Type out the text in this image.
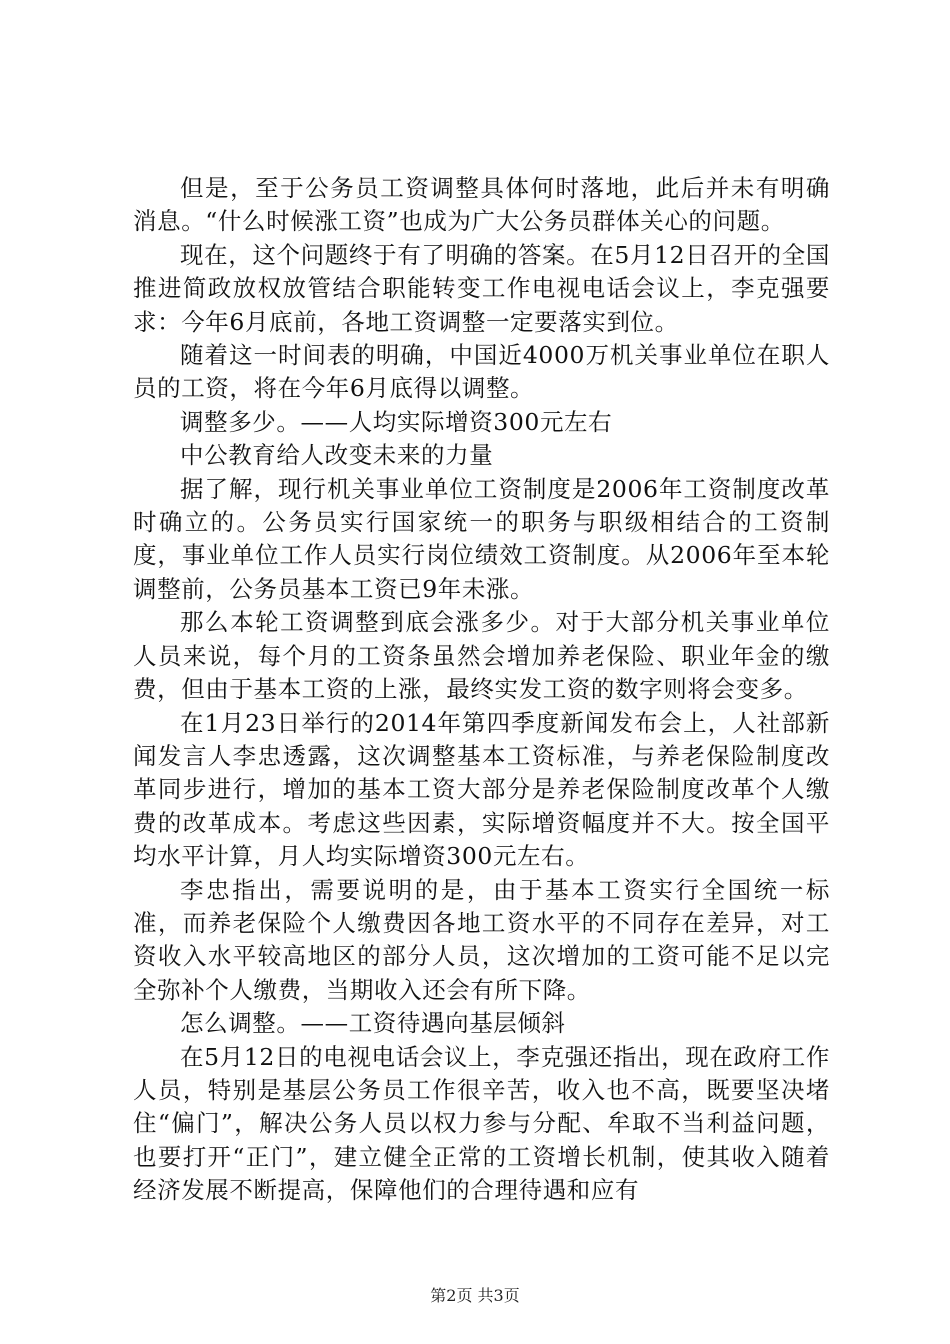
但是，至于公务员工资调整具体何时落地，此后并未有明确消息。“什么时候涨工资”也成为广大公务员群体关心的问题。

现在，这个问题终于有了明确的答案。在5月12日召开的全国推进简政放权放管结合职能转变工作电视电话会议上，李克强要求：今年6月底前，各地工资调整一定要落实到位。

随着这一时间表的明确，中国近4000万机关事业单位在职人员的工资，将在今年6月底得以调整。

调整多少。——人均实际增资300元左右

中公教育给人改变未来的力量

据了解，现行机关事业单位工资制度是2006年工资制度改革时确立的。公务员实行国家统一的职务与职级相结合的工资制度，事业单位工作人员实行岗位绩效工资制度。从2006年至本轮调整前，公务员基本工资已9年未涨。

那么本轮工资调整到底会涨多少。对于大部分机关事业单位人员来说，每个月的工资条虽然会增加养老保险、职业年金的缴费，但由于基本工资的上涨，最终实发工资的数字则将会变多。

在1月23日举行的2014年第四季度新闻发布会上，人社部新闻发言人李忠透露，这次调整基本工资标准，与养老保险制度改革同步进行，增加的基本工资大部分是养老保险制度改革个人缴费的改革成本。考虑这些因素，实际增资幅度并不大。按全国平均水平计算，月人均实际增资300元左右。

李忠指出，需要说明的是，由于基本工资实行全国统一标准，而养老保险个人缴费因各地工资水平的不同存在差异，对工资收入水平较高地区的部分人员，这次增加的工资可能不足以完全弥补个人缴费，当期收入还会有所下降。

怎么调整。——工资待遇向基层倾斜

在5月12日的电视电话会议上，李克强还指出，现在政府工作人员，特别是基层公务员工作很辛苦，收入也不高，既要坚决堵住“偏门”，解决公务人员以权力参与分配、牟取不当利益问题，也要打开“正门”，建立健全正常的工资增长机制，使其收入随着经济发展不断提高，保障他们的合理待遇和应有

第2页 共3页
